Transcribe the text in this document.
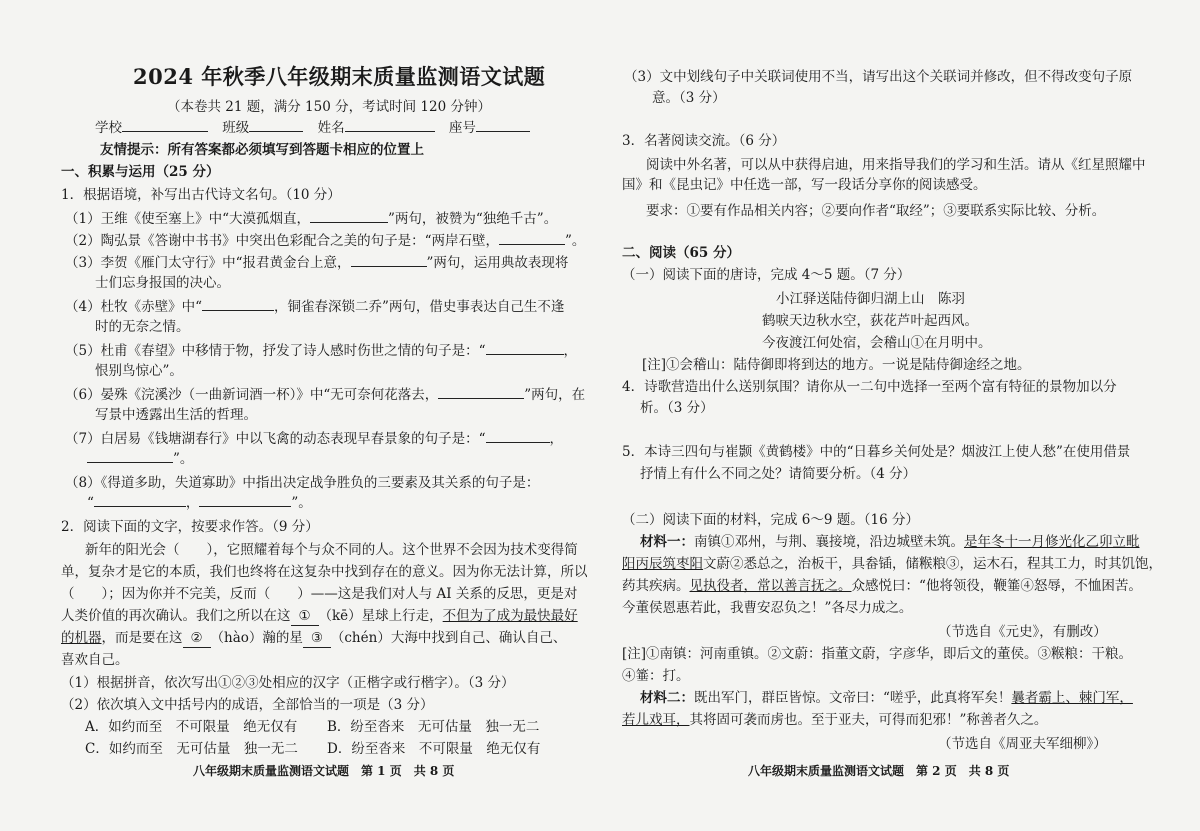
2024 年秋季八年级期末质量监测语文试题
（本卷共 21 题，满分 150 分，考试时间 120 分钟）
学校	班级	姓名	座号
友情提示：所有答案都必须填写到答题卡相应的位置上
一、积累与运用（25 分）
1．根据语境，补写出古代诗文名句。（10 分）
（1）王维《使至塞上》中“大漠孤烟直，	”两句，被赞为“独绝千古”。
（2）陶弘景《答谢中书书》中突出色彩配合之美的句子是：“两岸石壁，	”。
（3）李贺《雁门太守行》中“报君黄金台上意，	”两句，运用典故表现将
士们忘身报国的决心。
（4）杜牧《赤壁》中“	，铜雀春深锁二乔”两句，借史事表达自己生不逢
时的无奈之情。
（5）杜甫《春望》中移情于物，抒发了诗人感时伤世之情的句子是：“	，
恨别鸟惊心”。
（6）晏殊《浣溪沙（一曲新词酒一杯）》中“无可奈何花落去，	”两句，在
写景中透露出生活的哲理。
（7）白居易《钱塘湖春行》中以飞禽的动态表现早春景象的句子是：“	，
”。
（8）《得道多助，失道寡助》中指出决定战争胜负的三要素及其关系的句子是：
“	，	”。
2．阅读下面的文字，按要求作答。（9 分）
新年的阳光会（　　），它照耀着每个与众不同的人。这个世界不会因为技术变得简
单，复杂才是它的本质，我们也终将在这复杂中找到存在的意义。因为你无法计算，所以
（　　）；因为你并不完美，反而（　　）——这是我们对人与 AI 关系的反思，更是对
人类价值的再次确认。我们之所以在这 ① （kē）星球上行走，不但为了成为最快最好
的机器，而是要在这 ② （hào）瀚的星 ③ （chén）大海中找到自己、确认自己、
喜欢自己。
（1）根据拼音，依次写出①②③处相应的汉字（正楷字或行楷字）。（3 分）
（2）依次填入文中括号内的成语，全部恰当的一项是（3 分）
A．如约而至　不可限量　绝无仅有 B．纷至沓来　无可估量　独一无二
C．如约而至　无可估量　独一无二 D．纷至沓来　不可限量　绝无仅有
八年级期末质量监测语文试题　第 1 页　共 8 页
（3）文中划线句子中关联词使用不当，请写出这个关联词并修改，但不得改变句子原
意。（3 分）
3．名著阅读交流。（6 分）
阅读中外名著，可以从中获得启迪，用来指导我们的学习和生活。请从《红星照耀中
国》和《昆虫记》中任选一部，写一段话分享你的阅读感受。
要求：①要有作品相关内容；②要向作者“取经”；③要联系实际比较、分析。
二、阅读（65 分）
（一）阅读下面的唐诗，完成 4～5 题。（7 分）
小江驿送陆侍御归湖上山　陈羽
鹤唳天边秋水空，荻花芦叶起西风。
今夜渡江何处宿，会稽山①在月明中。
[注]①会稽山：陆侍御即将到达的地方。一说是陆侍御途经之地。
4．诗歌营造出什么送别氛围？请你从一二句中选择一至两个富有特征的景物加以分
析。（3 分）
5．本诗三四句与崔颢《黄鹤楼》中的“日暮乡关何处是？烟波江上使人愁”在使用借景
抒情上有什么不同之处？请简要分析。（4 分）
（二）阅读下面的材料，完成 6～9 题。（16 分）
材料一：南镇①邓州，与荆、襄接境，沿边城壁未筑。是年冬十一月修光化乙卯立毗
阳丙辰筑枣阳文蔚②悉总之，治板干，具畚锸，储糇粮③，运木石，程其工力，时其饥饱，
药其疾病。见执役者，常以善言抚之。众感悦曰：“他将领役，鞭箠④怒辱，不恤困苦。
今董侯恩惠若此，我曹安忍负之！”各尽力成之。
（节选自《元史》，有删改）
[注]①南镇：河南重镇。②文蔚：指董文蔚，字彦华，即后文的董侯。③糇粮：干粮。
④箠：打。
材料二：既出军门，群臣皆惊。文帝曰：“嗟乎，此真将军矣！曩者霸上、棘门军，
若儿戏耳，其将固可袭而虏也。至于亚夫，可得而犯邪！”称善者久之。
（节选自《周亚夫军细柳》）
八年级期末质量监测语文试题　第 2 页　共 8 页
